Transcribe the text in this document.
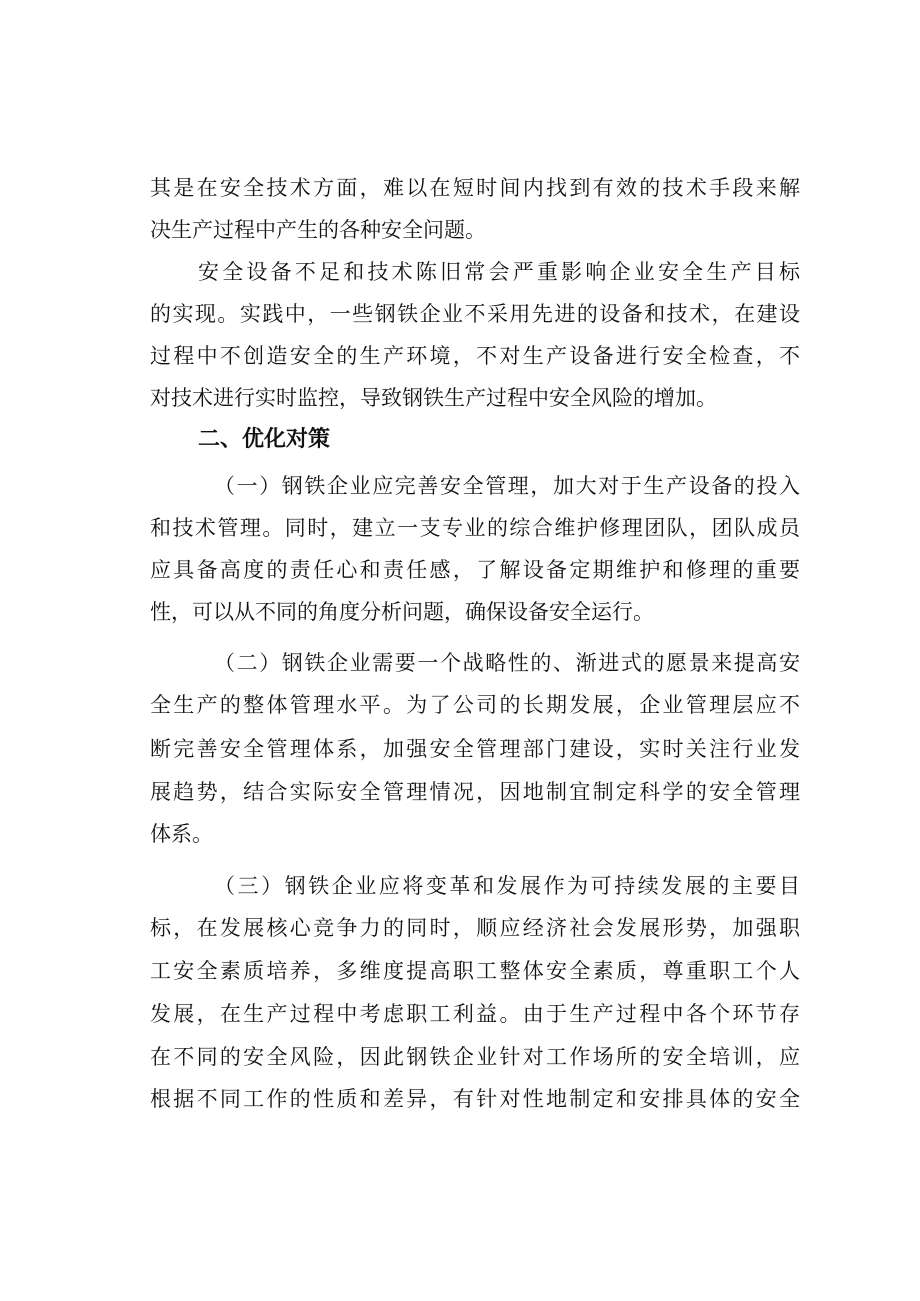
其是在安全技术方面，难以在短时间内找到有效的技术手段来解
决生产过程中产生的各种安全问题。
安全设备不足和技术陈旧常会严重影响企业安全生产目标
的实现。实践中，一些钢铁企业不采用先进的设备和技术，在建设
过程中不创造安全的生产环境，不对生产设备进行安全检查，不
对技术进行实时监控，导致钢铁生产过程中安全风险的增加。
二、优化对策
（一）钢铁企业应完善安全管理，加大对于生产设备的投入
和技术管理。同时，建立一支专业的综合维护修理团队，团队成员
应具备高度的责任心和责任感，了解设备定期维护和修理的重要
性，可以从不同的角度分析问题，确保设备安全运行。
（二）钢铁企业需要一个战略性的、渐进式的愿景来提高安
全生产的整体管理水平。为了公司的长期发展，企业管理层应不
断完善安全管理体系，加强安全管理部门建设，实时关注行业发
展趋势，结合实际安全管理情况，因地制宜制定科学的安全管理
体系。
（三）钢铁企业应将变革和发展作为可持续发展的主要目
标，在发展核心竞争力的同时，顺应经济社会发展形势，加强职
工安全素质培养，多维度提高职工整体安全素质，尊重职工个人
发展，在生产过程中考虑职工利益。由于生产过程中各个环节存
在不同的安全风险，因此钢铁企业针对工作场所的安全培训，应
根据不同工作的性质和差异，有针对性地制定和安排具体的安全
